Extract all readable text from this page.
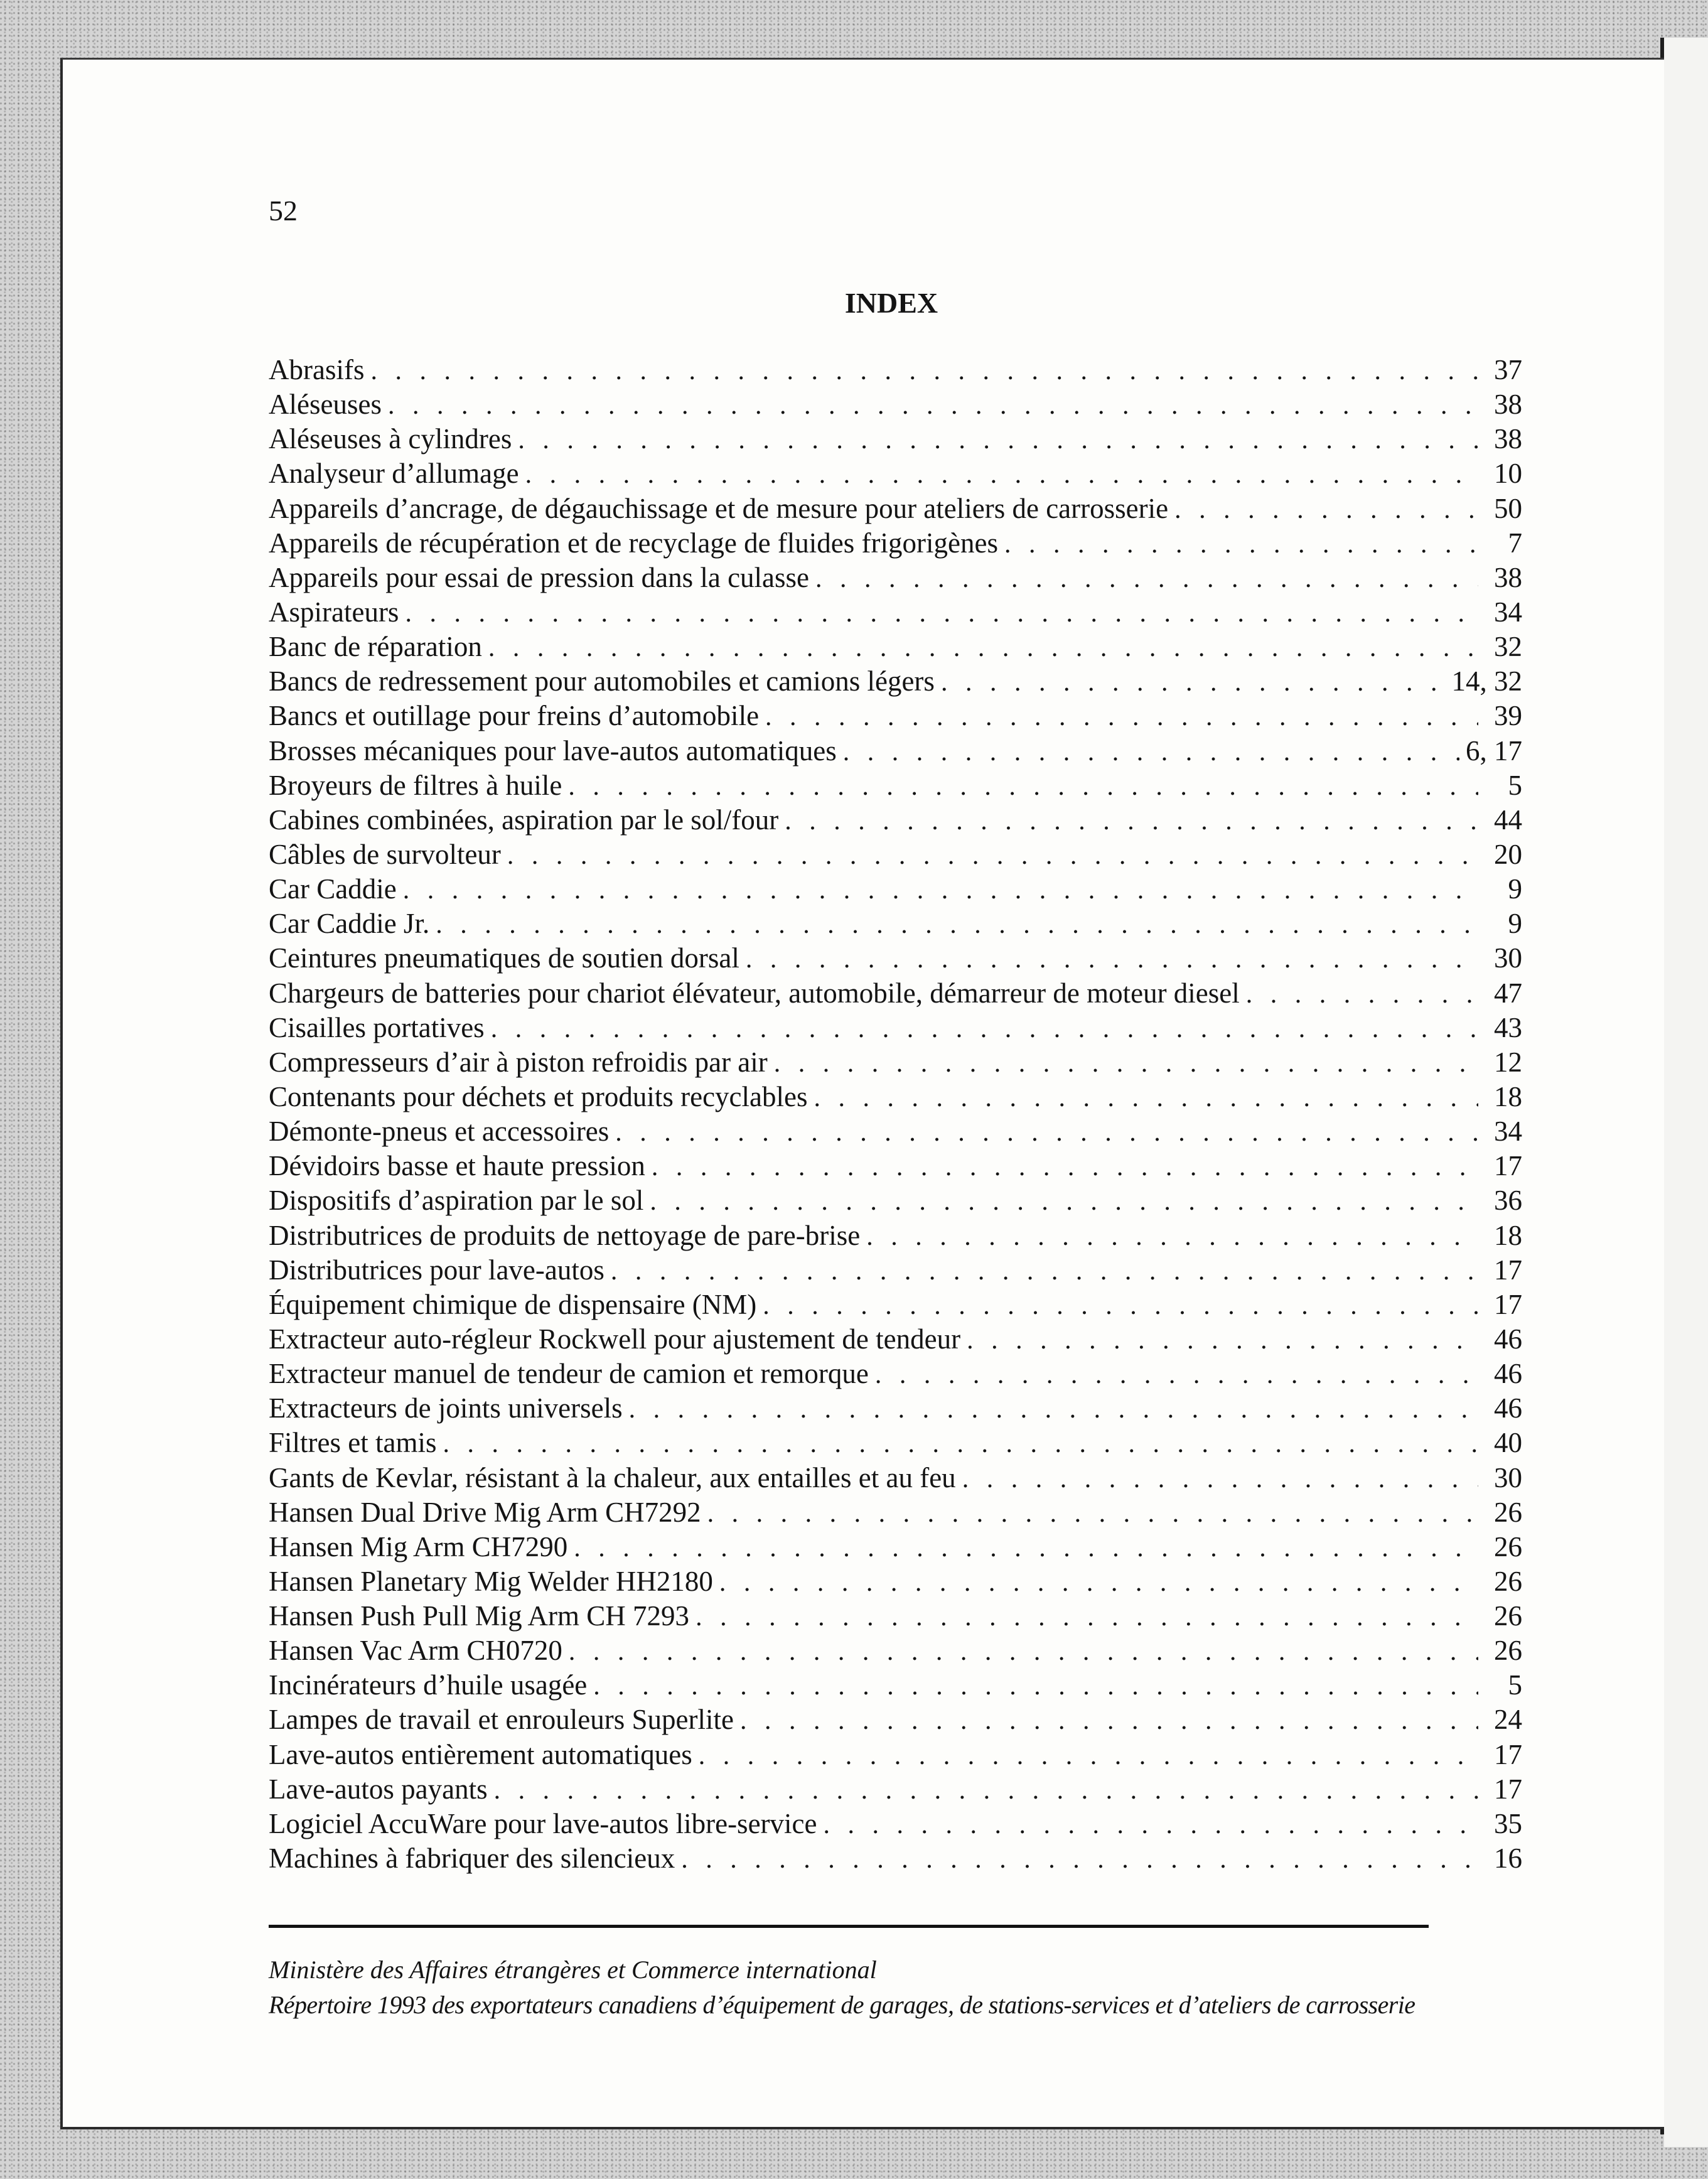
52
INDEX
Abrasifs . . .	37
Aléseuses . . .	38
Aléseuses à cylindres . . .	38
Analyseur d’allumage . . .	10
Appareils d’ancrage, de dégauchissage et de mesure pour ateliers de carrosserie . . .	50
Appareils de récupération et de recyclage de fluides frigorigènes . . .	7
Appareils pour essai de pression dans la culasse . . .	38
Aspirateurs . . .	34
Banc de réparation . . .	32
Bancs de redressement pour automobiles et camions légers . . .	14, 32
Bancs et outillage pour freins d’automobile . . .	39
Brosses mécaniques pour lave-autos automatiques . . .	6, 17
Broyeurs de filtres à huile . . .	5
Cabines combinées, aspiration par le sol/four . . .	44
Câbles de survolteur . . .	20
Car Caddie . . .	9
Car Caddie Jr. . . .	9
Ceintures pneumatiques de soutien dorsal . . .	30
Chargeurs de batteries pour chariot élévateur, automobile, démarreur de moteur diesel . . .	47
Cisailles portatives . . .	43
Compresseurs d’air à piston refroidis par air . . .	12
Contenants pour déchets et produits recyclables . . .	18
Démonte-pneus et accessoires . . .	34
Dévidoirs basse et haute pression . . .	17
Dispositifs d’aspiration par le sol . . .	36
Distributrices de produits de nettoyage de pare-brise . . .	18
Distributrices pour lave-autos . . .	17
Équipement chimique de dispensaire (NM) . . .	17
Extracteur auto-régleur Rockwell pour ajustement de tendeur . . .	46
Extracteur manuel de tendeur de camion et remorque . . .	46
Extracteurs de joints universels . . .	46
Filtres et tamis . . .	40
Gants de Kevlar, résistant à la chaleur, aux entailles et au feu . . .	30
Hansen Dual Drive Mig Arm CH7292 . . .	26
Hansen Mig Arm CH7290 . . .	26
Hansen Planetary Mig Welder HH2180 . . .	26
Hansen Push Pull Mig Arm CH 7293 . . .	26
Hansen Vac Arm CH0720 . . .	26
Incinérateurs d’huile usagée . . .	5
Lampes de travail et enrouleurs Superlite . . .	24
Lave-autos entièrement automatiques . . .	17
Lave-autos payants . . .	17
Logiciel AccuWare pour lave-autos libre-service . . .	35
Machines à fabriquer des silencieux . . .	16
Ministère des Affaires étrangères et Commerce international
Répertoire 1993 des exportateurs canadiens d’équipement de garages, de stations-services et d’ateliers de carrosserie
